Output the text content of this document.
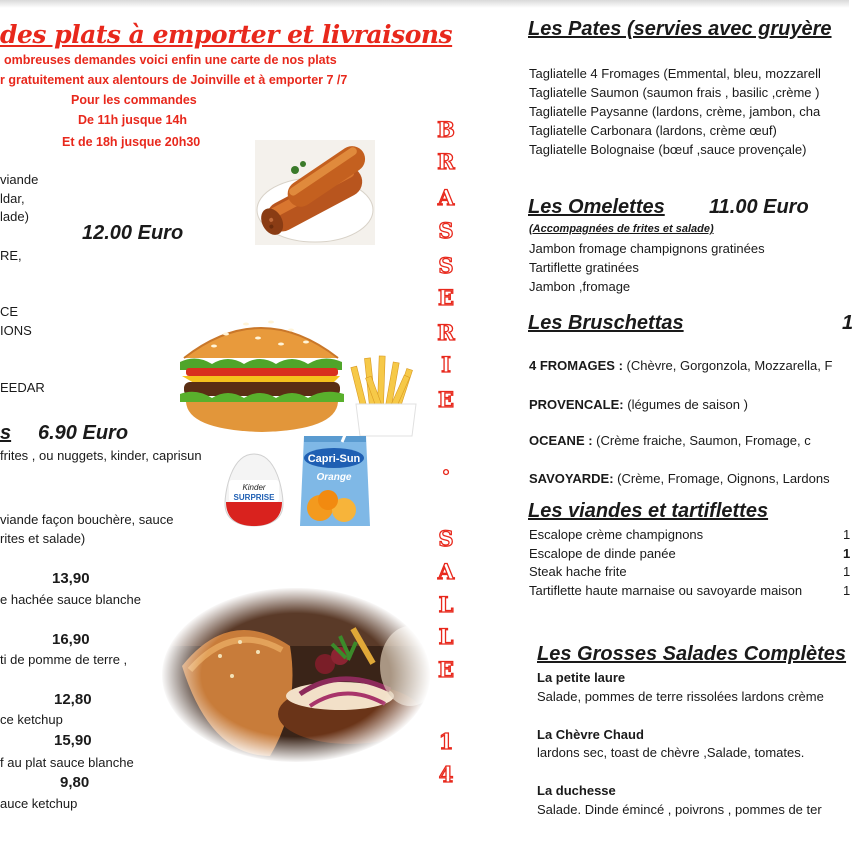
des plats à emporter et livraisons
ombreuses demandes voici enfin une carte de nos plats
r gratuitement aux alentours de Joinville et à emporter 7 /7
Pour les commandes
De 11h jusque 14h
Et de 18h jusque 20h30
viande
ldar,
lade)
12.00 Euro
RE,
CE
IONS
EEDAR
s 6.90 Euro
frites , ou nuggets, kinder, caprisun
viande façon bouchère, sauce
rites et salade)
13,90
e hachée sauce blanche
16,90
ti de pomme de terre ,
12,80
ce ketchup
15,90
f au plat sauce blanche
9,80
auce ketchup
Capri-Sun
Orange
Kinder
SURPRISE
B
R
A
S
S
E
R
I
E
·
S
A
L
L
E
1
4
Les Pates (servies avec gruyère
Tagliatelle 4 Fromages (Emmental, bleu, mozzarell
Tagliatelle Saumon (saumon frais , basilic ,crème )
Tagliatelle Paysanne (lardons, crème, jambon, cha
Tagliatelle Carbonara (lardons, crème œuf)
Tagliatelle Bolognaise (bœuf ,sauce provençale)
Les Omelettes 11.00 Euro
(Accompagnées de frites et salade)
Jambon fromage champignons gratinées
Tartiflette gratinées
Jambon ,fromage
Les Bruschettas	1
4 FROMAGES : (Chèvre, Gorgonzola, Mozzarella, F
PROVENCALE: (légumes de saison )
OCEANE : (Crème fraiche, Saumon, Fromage, c
SAVOYARDE: (Crème, Fromage, Oignons, Lardons
Les viandes et tartiflettes
Escalope crème champignons	1
Escalope de dinde panée	1
Steak hache frite	1
Tartiflette haute marnaise ou savoyarde maison	1
Les Grosses Salades Complètes
La petite laure
Salade, pommes de terre rissolées lardons crème
La Chèvre Chaud
lardons sec, toast de chèvre ,Salade, tomates.
La duchesse
Salade. Dinde émincé , poivrons , pommes de ter
